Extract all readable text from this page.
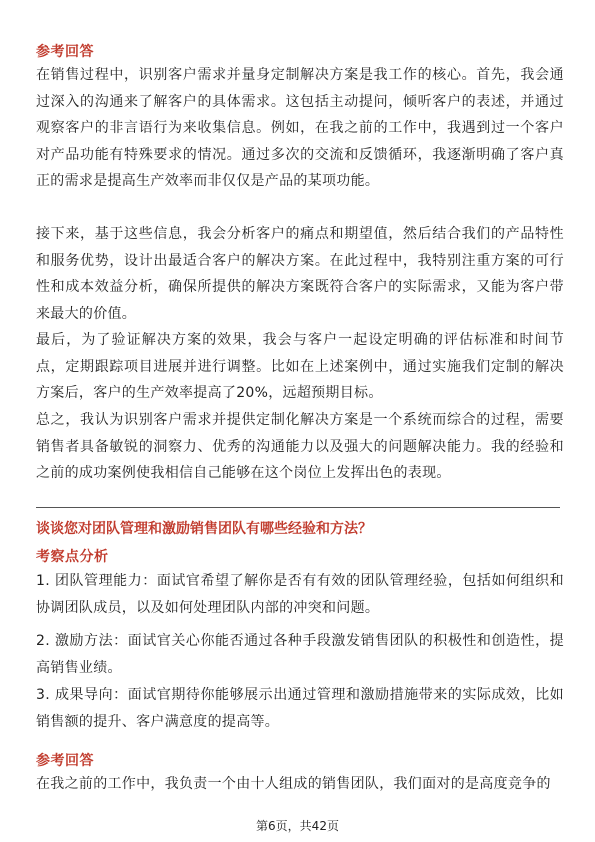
参考回答

在销售过程中，识别客户需求并量身定制解决方案是我工作的核心。首先，我会通过深入的沟通来了解客户的具体需求。这包括主动提问，倾听客户的表述，并通过观察客户的非言语行为来收集信息。例如，在我之前的工作中，我遇到过一个客户对产品功能有特殊要求的情况。通过多次的交流和反馈循环，我逐渐明确了客户真正的需求是提高生产效率而非仅仅是产品的某项功能。

接下来，基于这些信息，我会分析客户的痛点和期望值，然后结合我们的产品特性和服务优势，设计出最适合客户的解决方案。在此过程中，我特别注重方案的可行性和成本效益分析，确保所提供的解决方案既符合客户的实际需求，又能为客户带来最大的价值。

最后，为了验证解决方案的效果，我会与客户一起设定明确的评估标准和时间节点，定期跟踪项目进展并进行调整。比如在上述案例中，通过实施我们定制的解决方案后，客户的生产效率提高了20%，远超预期目标。

总之，我认为识别客户需求并提供定制化解决方案是一个系统而综合的过程，需要销售者具备敏锐的洞察力、优秀的沟通能力以及强大的问题解决能力。我的经验和之前的成功案例使我相信自己能够在这个岗位上发挥出色的表现。

谈谈您对团队管理和激励销售团队有哪些经验和方法？
考察点分析

1. 团队管理能力：面试官希望了解你是否有有效的团队管理经验，包括如何组织和协调团队成员，以及如何处理团队内部的冲突和问题。

2. 激励方法：面试官关心你能否通过各种手段激发销售团队的积极性和创造性，提高销售业绩。

3. 成果导向：面试官期待你能够展示出通过管理和激励措施带来的实际成效，比如销售额的提升、客户满意度的提高等。

参考回答

在我之前的工作中，我负责一个由十人组成的销售团队，我们面对的是高度竞争的

第6页，共42页
